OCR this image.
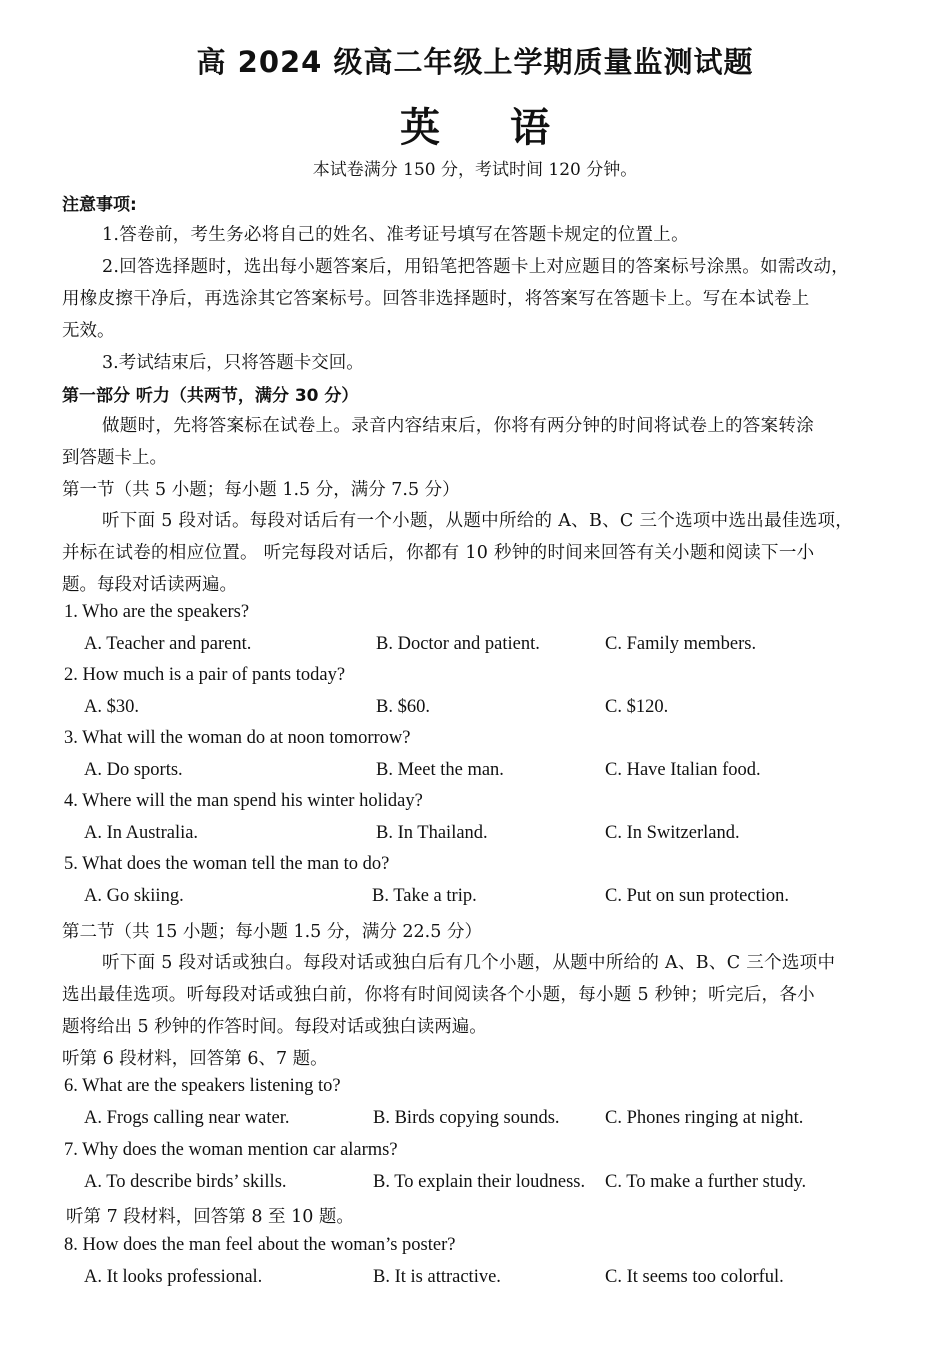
高 2024 级高二年级上学期质量监测试题
英语
本试卷满分 150 分，考试时间 120 分钟。
注意事项:
1.答卷前，考生务必将自己的姓名、准考证号填写在答题卡规定的位置上。
2.回答选择题时，选出每小题答案后，用铅笔把答题卡上对应题目的答案标号涂黑。如需改动，
用橡皮擦干净后，再选涂其它答案标号。回答非选择题时，将答案写在答题卡上。写在本试卷上
无效。
3.考试结束后，只将答题卡交回。
第一部分 听力（共两节，满分 30 分）
做题时，先将答案标在试卷上。录音内容结束后，你将有两分钟的时间将试卷上的答案转涂
到答题卡上。
第一节（共 5 小题；每小题 1.5 分，满分 7.5 分）
听下面 5 段对话。每段对话后有一个小题，从题中所给的 A、B、C 三个选项中选出最佳选项，
并标在试卷的相应位置。 听完每段对话后，你都有 10 秒钟的时间来回答有关小题和阅读下一小
题。每段对话读两遍。
1. Who are the speakers?
A. Teacher and parent.	B. Doctor and patient.	C. Family members.
2. How much is a pair of pants today?
A. $30.	B. $60.	C. $120.
3. What will the woman do at noon tomorrow?
A. Do sports.	B. Meet the man.	C. Have Italian food.
4. Where will the man spend his winter holiday?
A. In Australia.	B. In Thailand.	C. In Switzerland.
5. What does the woman tell the man to do?
A. Go skiing.	B. Take a trip.	C. Put on sun protection.
第二节（共 15 小题；每小题 1.5 分，满分 22.5 分）
听下面 5 段对话或独白。每段对话或独白后有几个小题，从题中所给的 A、B、C 三个选项中
选出最佳选项。听每段对话或独白前，你将有时间阅读各个小题，每小题 5 秒钟；听完后，各小
题将给出 5 秒钟的作答时间。每段对话或独白读两遍。
听第 6 段材料，回答第 6、7 题。
6. What are the speakers listening to?
A. Frogs calling near water.	B. Birds copying sounds. C. Phones ringing at night.
7. Why does the woman mention car alarms?
A. To describe birds’ skills.	B. To explain their loudness. C. To make a further study.
听第 7 段材料，回答第 8 至 10 题。
8. How does the man feel about the woman’s poster?
A. It looks professional.	B. It is attractive.	C. It seems too colorful.
